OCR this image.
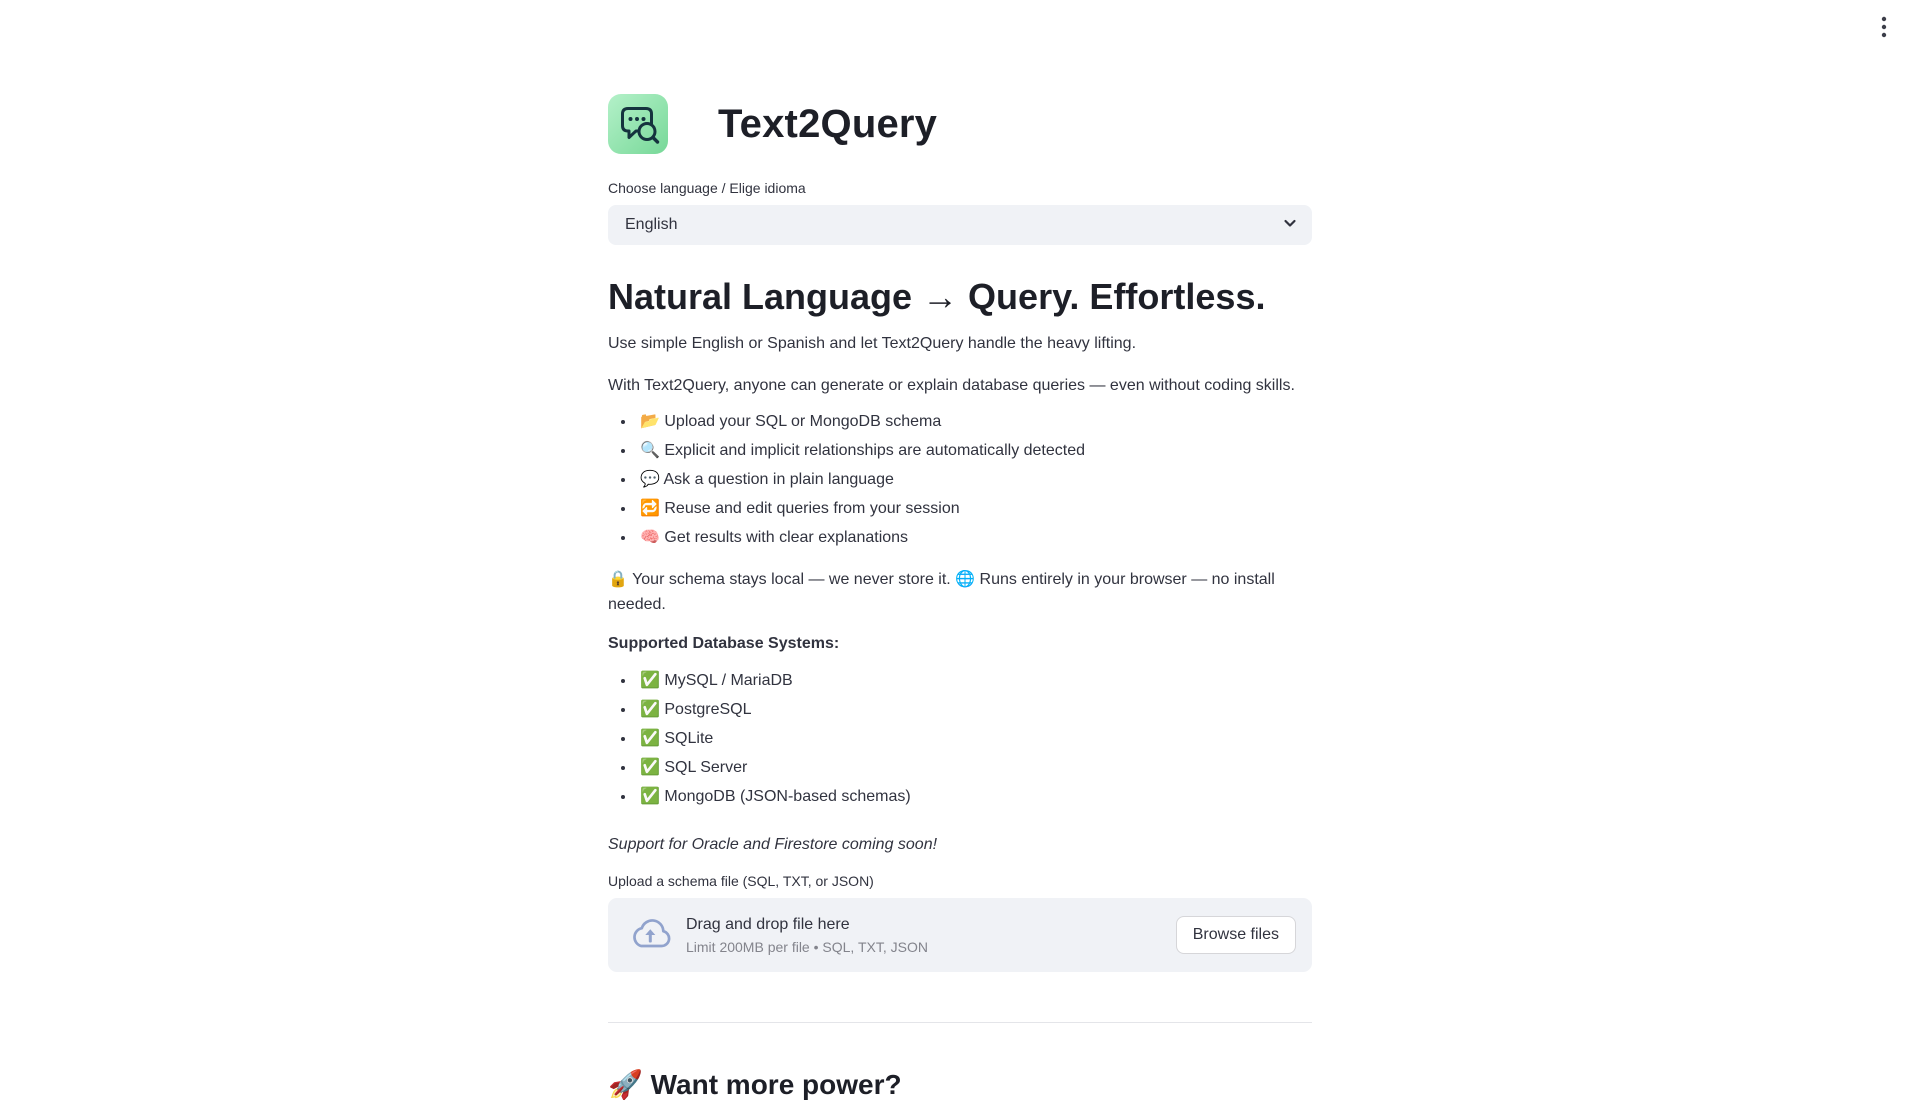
Text2Query
Choose language / Elige idioma
English
Natural Language → Query. Effortless.

Use simple English or Spanish and let Text2Query handle the heavy lifting.

With Text2Query, anyone can generate or explain database queries — even without coding skills.

• 📂 Upload your SQL or MongoDB schema
• 🔍 Explicit and implicit relationships are automatically detected
• 💬 Ask a question in plain language
• 🔁 Reuse and edit queries from your session
• 🧠 Get results with clear explanations

🔒 Your schema stays local — we never store it. 🌐 Runs entirely in your browser — no install needed.

Supported Database Systems:

• ✅ MySQL / MariaDB
• ✅ PostgreSQL
• ✅ SQLite
• ✅ SQL Server
• ✅ MongoDB (JSON-based schemas)

Support for Oracle and Firestore coming soon!

Upload a schema file (SQL, TXT, or JSON)
Drag and drop file here
Limit 200MB per file • SQL, TXT, JSON
Browse files
🚀 Want more power?
